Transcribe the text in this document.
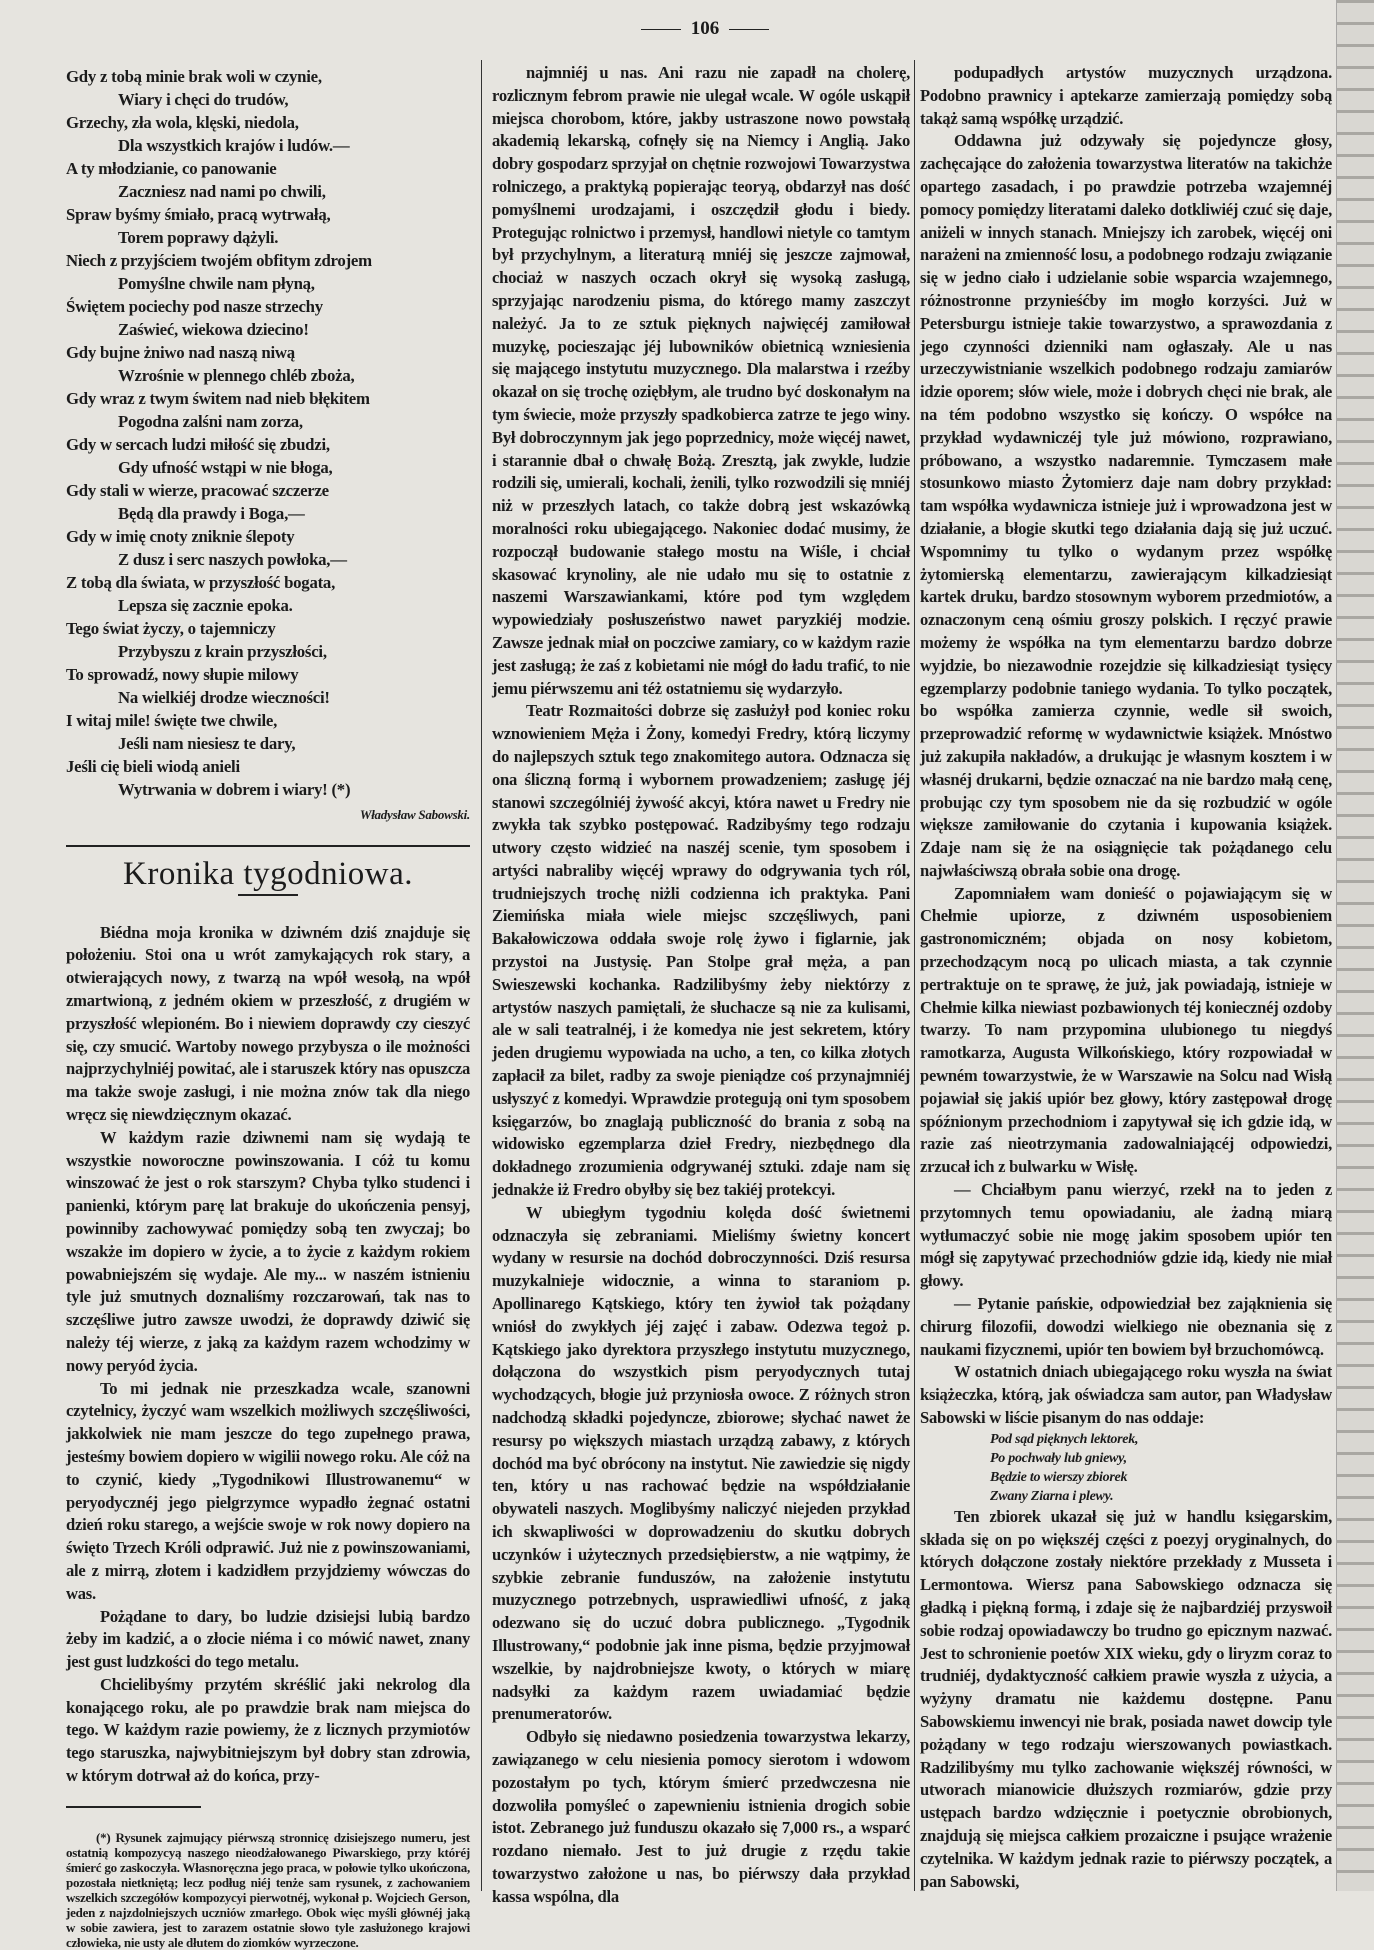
106
Gdy z tobą minie brak woli w czynie,
Wiary i chęci do trudów,
Grzechy, zła wola, klęski, niedola,
Dla wszystkich krajów i ludów.—
A ty młodzianie, co panowanie
Zaczniesz nad nami po chwili,
Spraw byśmy śmiało, pracą wytrwałą,
Torem poprawy dążyli.
Niech z przyjściem twojém obfitym zdrojem
Pomyślne chwile nam płyną,
Świętem pociechy pod nasze strzechy
Zaświeć, wiekowa dziecino!
Gdy bujne żniwo nad naszą niwą
Wzrośnie w plennego chléb zboża,
Gdy wraz z twym świtem nad nieb błękitem
Pogodna zalśni nam zorza,
Gdy w sercach ludzi miłość się zbudzi,
Gdy ufność wstąpi w nie błoga,
Gdy stali w wierze, pracować szczerze
Będą dla prawdy i Boga,—
Gdy w imię cnoty zniknie ślepoty
Z dusz i serc naszych powłoka,—
Z tobą dla świata, w przyszłość bogata,
Lepsza się zacznie epoka.
Tego świat życzy, o tajemniczy
Przybyszu z krain przyszłości,
To sprowadź, nowy słupie milowy
Na wielkiéj drodze wieczności!
I witaj mile! święte twe chwile,
Jeśli nam niesiesz te dary,
Jeśli cię bieli wiodą anieli
Wytrwania w dobrem i wiary! (*)
Władysław Sabowski.
Kronika tygodniowa.

Biédna moja kronika w dziwném dziś znajduje się położeniu. Stoi ona u wrót zamykających rok stary, a otwierających nowy, z twarzą na wpół wesołą, na wpół zmartwioną, z jedném okiem w przeszłość, z drugiém w przyszłość wlepioném. Bo i niewiem doprawdy czy cieszyć się, czy smucić. Wartoby nowego przybysza o ile możności najprzychylniéj powitać, ale i staruszek który nas opuszcza ma także swoje zasługi, i nie można znów tak dla niego wręcz się niewdzięcznym okazać.

W każdym razie dziwnemi nam się wydają te wszystkie noworoczne powinszowania. I cóż tu komu winszować że jest o rok starszym? Chyba tylko studenci i panienki, którym parę lat brakuje do ukończenia pensyj, powinniby zachowywać pomiędzy sobą ten zwyczaj; bo wszakże im dopiero w życie, a to życie z każdym rokiem powabniejszém się wydaje. Ale my... w naszém istnieniu tyle już smutnych doznaliśmy rozczarowań, tak nas to szczęśliwe jutro zawsze uwodzi, że doprawdy dziwić się należy téj wierze, z jaką za każdym razem wchodzimy w nowy peryód życia.

To mi jednak nie przeszkadza wcale, szanowni czytelnicy, życzyć wam wszelkich możliwych szczęśliwości, jakkolwiek nie mam jeszcze do tego zupełnego prawa, jesteśmy bowiem dopiero w wigilii nowego roku. Ale cóż na to czynić, kiedy „Tygodnikowi Illustrowanemu“ w peryodycznéj jego pielgrzymce wypadło żegnać ostatni dzień roku starego, a wejście swoje w rok nowy dopiero na święto Trzech Króli odprawić. Już nie z powinszowaniami, ale z mirrą, złotem i kadzidłem przyjdziemy wówczas do was.

Pożądane to dary, bo ludzie dzisiejsi lubią bardzo żeby im kadzić, a o złocie niéma i co mówić nawet, znany jest gust ludzkości do tego metalu.

Chcielibyśmy przytém skréślić jaki nekrolog dla konającego roku, ale po prawdzie brak nam miejsca do tego. W każdym razie powiemy, że z licznych przymiotów tego staruszka, najwybitniejszym był dobry stan zdrowia, w którym dotrwał aż do końca, przy-

(*) Rysunek zajmujący piérwszą stronnicę dzisiejszego numeru, jest ostatnią kompozycyą naszego nieodżałowanego Piwarskiego, przy któréj śmierć go zaskoczyła. Własnoręczna jego praca, w połowie tylko ukończona, pozostała nietkniętą; lecz podług niéj tenże sam rysunek, z zachowaniem wszelkich szczegółów kompozycyi pierwotnéj, wykonał p. Wojciech Gerson, jeden z najzdolniejszych uczniów zmarłego. Obok więc myśli głównéj jaką w sobie zawiera, jest to zarazem ostatnie słowo tyle zasłużonego krajowi człowieka, nie usty ale dłutem do ziomków wyrzeczone.

najmniéj u nas. Ani razu nie zapadł na cholerę, rozlicznym febrom prawie nie ulegał wcale. W ogóle uskąpił miejsca chorobom, które, jakby ustraszone nowo powstałą akademią lekarską, cofnęły się na Niemcy i Anglią. Jako dobry gospodarz sprzyjał on chętnie rozwojowi Towarzystwa rolniczego, a praktyką popierając teoryą, obdarzył nas dość pomyślnemi urodzajami, i oszczędził głodu i biedy. Protegując rolnictwo i przemysł, handlowi nietyle co tamtym był przychylnym, a literaturą mniéj się jeszcze zajmował, chociaż w naszych oczach okrył się wysoką zasługą, sprzyjając narodzeniu pisma, do którego mamy zaszczyt należyć. Ja to ze sztuk pięknych najwięcéj zamiłował muzykę, pocieszając jéj lubowników obietnicą wzniesienia się mającego instytutu muzycznego. Dla malarstwa i rzeźby okazał on się trochę oziębłym, ale trudno być doskonałym na tym świecie, może przyszły spadkobierca zatrze te jego winy. Był dobroczynnym jak jego poprzednicy, może więcéj nawet, i starannie dbał o chwałę Bożą. Zresztą, jak zwykle, ludzie rodzili się, umierali, kochali, żenili, tylko rozwodzili się mniéj niż w przeszłych latach, co także dobrą jest wskazówką moralności roku ubiegającego. Nakoniec dodać musimy, że rozpoczął budowanie stałego mostu na Wiśle, i chciał skasować krynoliny, ale nie udało mu się to ostatnie z naszemi Warszawiankami, które pod tym względem wypowiedziały posłuszeństwo nawet paryzkiéj modzie. Zawsze jednak miał on poczciwe zamiary, co w każdym razie jest zasługą; że zaś z kobietami nie mógł do ładu trafić, to nie jemu piérwszemu ani téż ostatniemu się wydarzyło.

Teatr Rozmaitości dobrze się zasłużył pod koniec roku wznowieniem Męża i Żony, komedyi Fredry, którą liczymy do najlepszych sztuk tego znakomitego autora. Odznacza się ona śliczną formą i wybornem prowadzeniem; zasługę jéj stanowi szczególniéj żywość akcyi, która nawet u Fredry nie zwykła tak szybko postępować. Radzibyśmy tego rodzaju utwory często widzieć na naszéj scenie, tym sposobem i artyści nabraliby więcéj wprawy do odgrywania tych ról, trudniejszych trochę niżli codzienna ich praktyka. Pani Ziemińska miała wiele miejsc szczęśliwych, pani Bakałowiczowa oddała swoje rolę żywo i figlarnie, jak przystoi na Justysię. Pan Stolpe grał męża, a pan Swieszewski kochanka. Radzilibyśmy żeby niektórzy z artystów naszych pamiętali, że słuchacze są nie za kulisami, ale w sali teatralnéj, i że komedya nie jest sekretem, który jeden drugiemu wypowiada na ucho, a ten, co kilka złotych zapłacił za bilet, radby za swoje pieniądze coś przynajmniéj usłyszyć z komedyi. Wprawdzie protegują oni tym sposobem księgarzów, bo znaglają publiczność do brania z sobą na widowisko egzemplarza dzieł Fredry, niezbędnego dla dokładnego zrozumienia odgrywanéj sztuki. zdaje nam się jednakże iż Fredro obyłby się bez takiéj protekcyi.

W ubiegłym tygodniu kolęda dość świetnemi odznaczyła się zebraniami. Mieliśmy świetny koncert wydany w resursie na dochód dobroczynności. Dziś resursa muzykalnieje widocznie, a winna to staraniom p. Apollinarego Kątskiego, który ten żywioł tak pożądany wniósł do zwykłych jéj zajęć i zabaw. Odezwa tegoż p. Kątskiego jako dyrektora przyszłego instytutu muzycznego, dołączona do wszystkich pism peryodycznych tutaj wychodzących, błogie już przyniosła owoce. Z różnych stron nadchodzą składki pojedyncze, zbiorowe; słychać nawet że resursy po większych miastach urządzą zabawy, z których dochód ma być obrócony na instytut. Nie zawiedzie się nigdy ten, który u nas rachować będzie na współdziałanie obywateli naszych. Moglibyśmy naliczyć niejeden przykład ich skwapliwości w doprowadzeniu do skutku dobrych uczynków i użytecznych przedsiębierstw, a nie wątpimy, że szybkie zebranie funduszów, na założenie instytutu muzycznego potrzebnych, usprawiedliwi ufność, z jaką odezwano się do uczuć dobra publicznego. „Tygodnik Illustrowany,“ podobnie jak inne pisma, będzie przyjmował wszelkie, by najdrobniejsze kwoty, o których w miarę nadsyłki za każdym razem uwiadamiać będzie prenumeratorów.

Odbyło się niedawno posiedzenia towarzystwa lekarzy, zawiązanego w celu niesienia pomocy sierotom i wdowom pozostałym po tych, którym śmierć przedwczesna nie dozwoliła pomyśleć o zapewnieniu istnienia drogich sobie istot. Zebranego już funduszu okazało się 7,000 rs., a wsparć rozdano niemało. Jest to już drugie z rzędu takie towarzystwo założone u nas, bo piérwszy dała przykład kassa wspólna, dla

podupadłych artystów muzycznych urządzona. Podobno prawnicy i aptekarze zamierzają pomiędzy sobą takąż samą współkę urządzić.

Oddawna już odzywały się pojedyncze głosy, zachęcające do założenia towarzystwa literatów na takichże opartego zasadach, i po prawdzie potrzeba wzajemnéj pomocy pomiędzy literatami daleko dotkliwiéj czuć się daje, aniżeli w innych stanach. Mniejszy ich zarobek, więcéj oni narażeni na zmienność losu, a podobnego rodzaju związanie się w jedno ciało i udzielanie sobie wsparcia wzajemnego, różnostronne przynieśćby im mogło korzyści. Już w Petersburgu istnieje takie towarzystwo, a sprawozdania z jego czynności dzienniki nam ogłaszały. Ale u nas urzeczywistnianie wszelkich podobnego rodzaju zamiarów idzie oporem; słów wiele, może i dobrych chęci nie brak, ale na tém podobno wszystko się kończy. O współce na przykład wydawniczéj tyle już mówiono, rozprawiano, próbowano, a wszystko nadaremnie. Tymczasem małe stosunkowo miasto Żytomierz daje nam dobry przykład: tam współka wydawnicza istnieje już i wprowadzona jest w działanie, a błogie skutki tego działania dają się już uczuć. Wspomnimy tu tylko o wydanym przez współkę żytomierską elementarzu, zawierającym kilkadziesiąt kartek druku, bardzo stosownym wyborem przedmiotów, a oznaczonym ceną ośmiu groszy polskich. I ręczyć prawie możemy że współka na tym elementarzu bardzo dobrze wyjdzie, bo niezawodnie rozejdzie się kilkadziesiąt tysięcy egzemplarzy podobnie taniego wydania. To tylko początek, bo współka zamierza czynnie, wedle sił swoich, przeprowadzić reformę w wydawnictwie książek. Mnóstwo już zakupiła nakładów, a drukując je własnym kosztem i w własnéj drukarni, będzie oznaczać na nie bardzo małą cenę, probując czy tym sposobem nie da się rozbudzić w ogóle większe zamiłowanie do czytania i kupowania książek. Zdaje nam się że na osiągnięcie tak pożądanego celu najwłaściwszą obrała sobie ona drogę.

Zapomniałem wam donieść o pojawiającym się w Chełmie upiorze, z dziwném usposobieniem gastronomiczném; objada on nosy kobietom, przechodzącym nocą po ulicach miasta, a tak czynnie pertraktuje on te sprawę, że już, jak powiadają, istnieje w Chełmie kilka niewiast pozbawionych téj koniecznéj ozdoby twarzy. To nam przypomina ulubionego tu niegdyś ramotkarza, Augusta Wilkońskiego, który rozpowiadał w pewném towarzystwie, że w Warszawie na Solcu nad Wisłą pojawiał się jakiś upiór bez głowy, który zastępował drogę spóźnionym przechodniom i zapytywał się ich gdzie idą, w razie zaś nieotrzymania zadowalniającéj odpowiedzi, zrzucał ich z bulwarku w Wisłę.

— Chciałbym panu wierzyć, rzekł na to jeden z przytomnych temu opowiadaniu, ale żadną miarą wytłumaczyć sobie nie mogę jakim sposobem upiór ten mógł się zapytywać przechodniów gdzie idą, kiedy nie miał głowy.

— Pytanie pańskie, odpowiedział bez zająknienia się chirurg filozofii, dowodzi wielkiego nie obeznania się z naukami fizycznemi, upiór ten bowiem był brzuchomówcą.

W ostatnich dniach ubiegającego roku wyszła na świat książeczka, którą, jak oświadcza sam autor, pan Władysław Sabowski w liście pisanym do nas oddaje:

Pod sąd pięknych lektorek,
Po pochwały lub gniewy,
Będzie to wierszy zbiorek
Zwany Ziarna i plewy.

Ten zbiorek ukazał się już w handlu księgarskim, składa się on po większéj części z poezyj oryginalnych, do których dołączone zostały niektóre przekłady z Musseta i Lermontowa. Wiersz pana Sabowskiego odznacza się gładką i piękną formą, i zdaje się że najbardziéj przyswoił sobie rodzaj opowiadawczy bo trudno go epicznym nazwać. Jest to schronienie poetów XIX wieku, gdy o liryzm coraz to trudniéj, dydaktyczność całkiem prawie wyszła z użycia, a wyżyny dramatu nie każdemu dostępne. Panu Sabowskiemu inwencyi nie brak, posiada nawet dowcip tyle pożądany w tego rodzaju wierszowanych powiastkach. Radzilibyśmy mu tylko zachowanie większéj równości, w utworach mianowicie dłuższych rozmiarów, gdzie przy ustępach bardzo wdzięcznie i poetycznie obrobionych, znajdują się miejsca całkiem prozaiczne i psujące wrażenie czytelnika. W każdym jednak razie to piérwszy początek, a pan Sabowski,
